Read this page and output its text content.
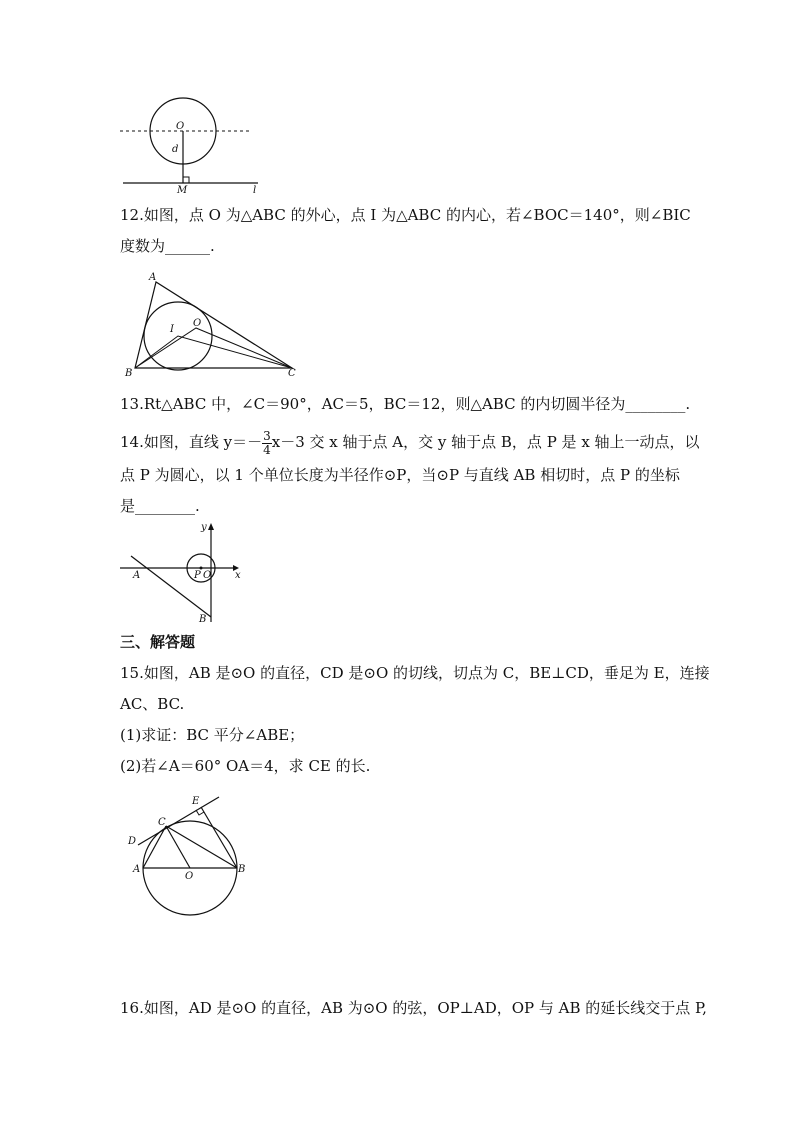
O
d
M	l
12.如图，点 O 为△ABC 的外心，点 I 为△ABC 的内心，若∠BOC＝140°，则∠BIC
度数为______.
A
B	C
I
O
13.Rt△ABC 中，∠C＝90°，AC＝5，BC＝12，则△ABC 的内切圆半径为________.
14.如图，直线 $y=- \frac{3}{4} x-3$ 交 x 轴于点 A，交 y 轴于点 B，点 P 是 x 轴上一动点，以
点 P 为圆心，以 1 个单位长度为半径作⊙P，当⊙P 与直线 AB 相切时，点 P 的坐标
是________.
y
x
A
B
P O
三、解答题
15.如图，AB 是⊙O 的直径，CD 是⊙O 的切线，切点为 C，BE⊥CD，垂足为 E，连接
AC、BC.
(1)求证：BC 平分∠ABE；
(2)若∠A＝60° OA＝4，求 CE 的长.
E
C
D
A
O
B
16.如图，AD 是⊙O 的直径，AB 为⊙O 的弦，OP⊥AD，OP 与 AB 的延长线交于点 P,
